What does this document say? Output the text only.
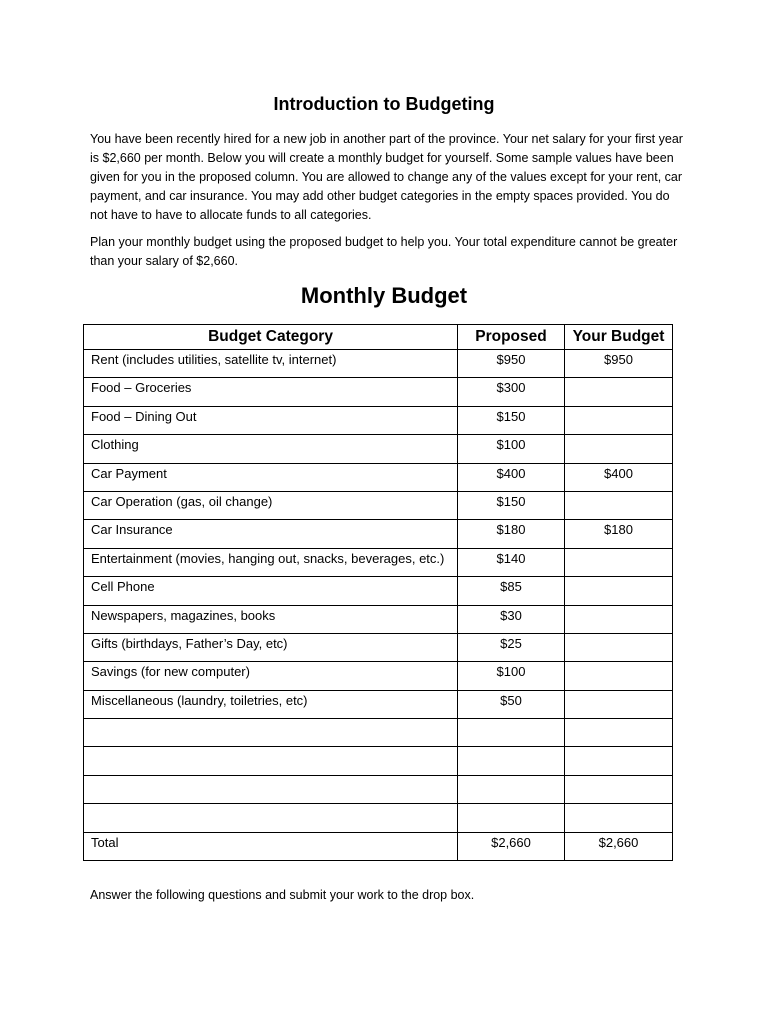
Introduction to Budgeting

You have been recently hired for a new job in another part of the province. Your net salary for your first year is $2,660 per month. Below you will create a monthly budget for yourself. Some sample values have been given for you in the proposed column. You are allowed to change any of the values except for your rent, car payment, and car insurance. You may add other budget categories in the empty spaces provided. You do not have to have to allocate funds to all categories.

Plan your monthly budget using the proposed budget to help you. Your total expenditure cannot be greater than your salary of $2,660.

Monthly Budget
Budget Category	Proposed	Your Budget
Rent (includes utilities, satellite tv, internet)	$950	$950
Food – Groceries	$300	
Food – Dining Out	$150	
Clothing	$100	
Car Payment	$400	$400
Car Operation (gas, oil change)	$150	
Car Insurance	$180	$180
Entertainment (movies, hanging out, snacks, beverages, etc.)	$140	
Cell Phone	$85	
Newspapers, magazines, books	$30	
Gifts (birthdays, Father’s Day, etc)	$25	
Savings (for new computer)	$100	
Miscellaneous (laundry, toiletries, etc)	$50	

Total	$2,660	$2,660
Answer the following questions and submit your work to the drop box.
